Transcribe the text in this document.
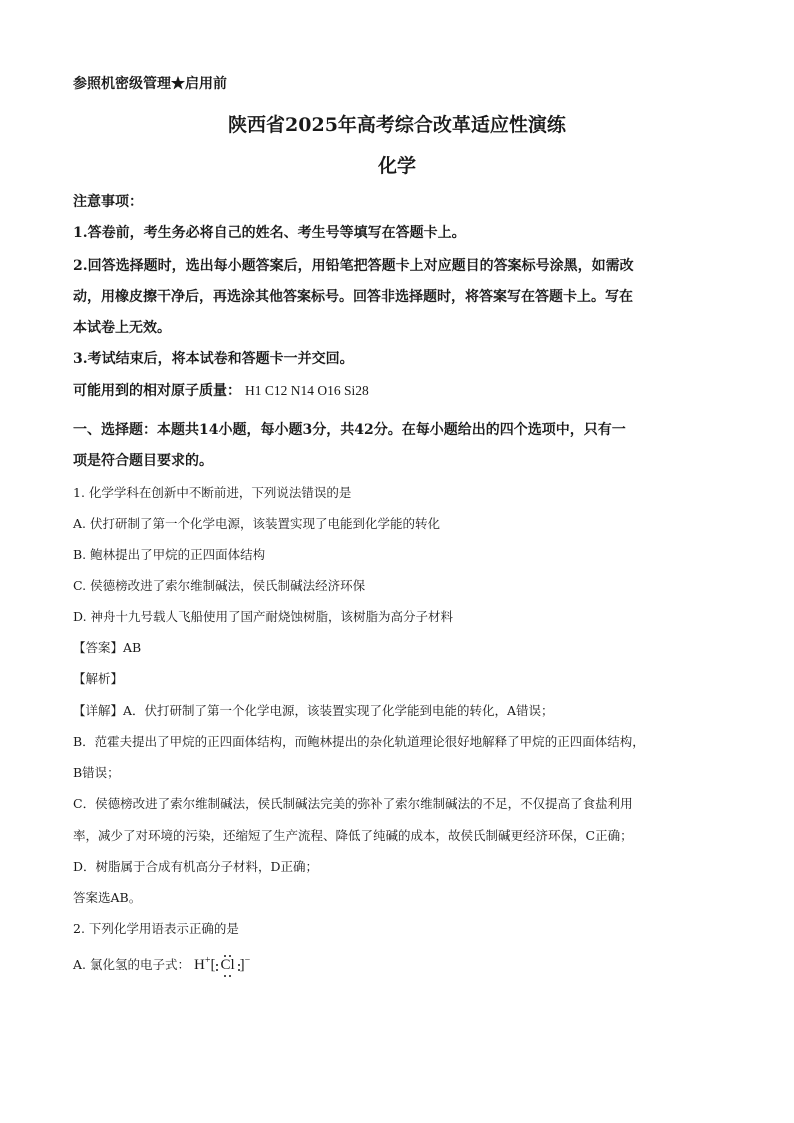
参照机密级管理★启用前
陕西省2025年高考综合改革适应性演练
化学
注意事项：
1.答卷前，考生务必将自己的姓名、考生号等填写在答题卡上。
2.回答选择题时，选出每小题答案后，用铅笔把答题卡上对应题目的答案标号涂黑，如需改
动，用橡皮擦干净后，再选涂其他答案标号。回答非选择题时，将答案写在答题卡上。写在
本试卷上无效。
3.考试结束后，将本试卷和答题卡一并交回。
可能用到的相对原子质量： H1 C12 N14 O16 Si28
一、选择题：本题共14小题，每小题3分，共42分。在每小题给出的四个选项中，只有一
项是符合题目要求的。
1. 化学学科在创新中不断前进，下列说法错误的是
A. 伏打研制了第一个化学电源，该装置实现了电能到化学能的转化
B. 鲍林提出了甲烷的正四面体结构
C. 侯德榜改进了索尔维制碱法，侯氏制碱法经济环保
D. 神舟十九号载人飞船使用了国产耐烧蚀树脂，该树脂为高分子材料
【答案】AB
【解析】
【详解】A．伏打研制了第一个化学电源，该装置实现了化学能到电能的转化，A错误；
B．范霍夫提出了甲烷的正四面体结构，而鲍林提出的杂化轨道理论很好地解释了甲烷的正四面体结构，
B错误；
C．侯德榜改进了索尔维制碱法，侯氏制碱法完美的弥补了索尔维制碱法的不足，不仅提高了食盐利用
率，减少了对环境的污染，还缩短了生产流程、降低了纯碱的成本，故侯氏制碱更经济环保，C正确；
D．树脂属于合成有机高分子材料，D正确；
答案选AB。
2. 下列化学用语表示正确的是
A. 氯化氢的电子式： H+[ Cl ]−
